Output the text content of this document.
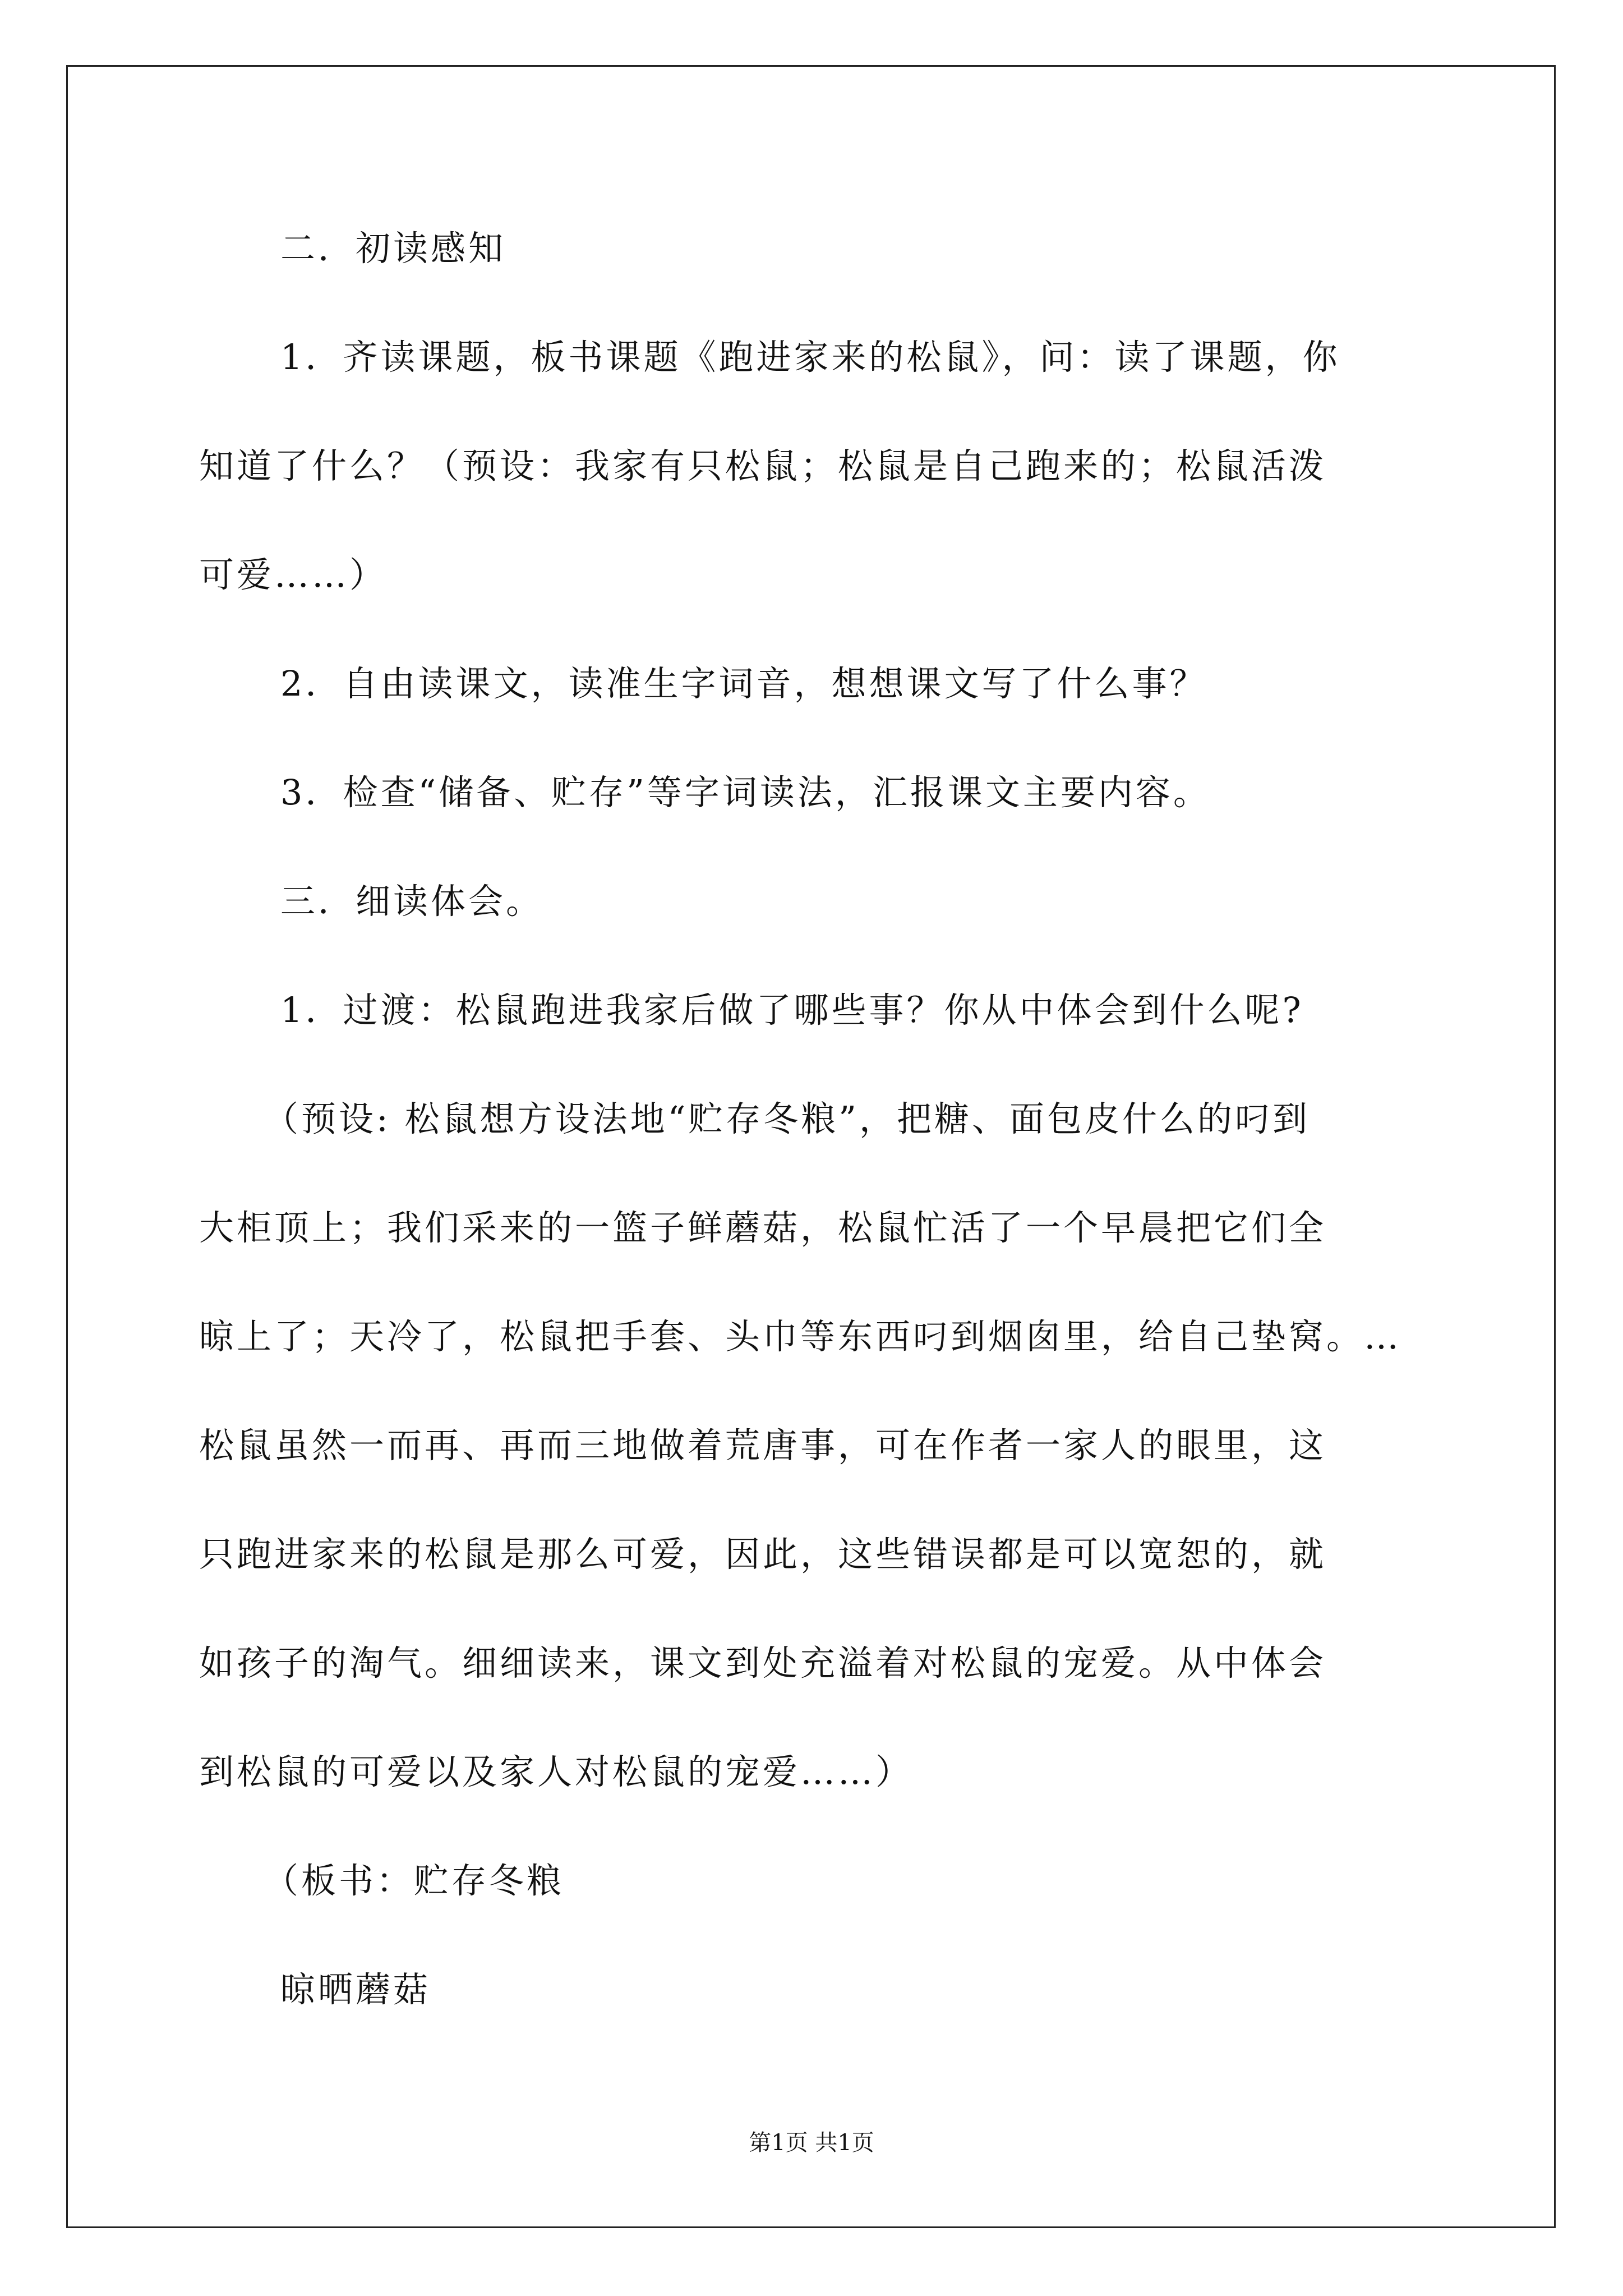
二．初读感知
1．齐读课题，板书课题《跑进家来的松鼠》，问：读了课题，你
知道了什么？（预设：我家有只松鼠；松鼠是自己跑来的；松鼠活泼
可爱……）
2．自由读课文，读准生字词音，想想课文写了什么事？
3．检查“储备、贮存”等字词读法，汇报课文主要内容。
三．细读体会。
1．过渡：松鼠跑进我家后做了哪些事？你从中体会到什么呢?
（预设: 松鼠想方设法地“贮存冬粮”，把糖、面包皮什么的叼到
大柜顶上；我们采来的一篮子鲜蘑菇，松鼠忙活了一个早晨把它们全
晾上了；天冷了，松鼠把手套、头巾等东西叼到烟囱里，给自己垫窝。…
松鼠虽然一而再、再而三地做着荒唐事，可在作者一家人的眼里，这
只跑进家来的松鼠是那么可爱，因此，这些错误都是可以宽恕的，就
如孩子的淘气。细细读来，课文到处充溢着对松鼠的宠爱。从中体会
到松鼠的可爱以及家人对松鼠的宠爱……）
（板书：贮存冬粮
晾晒蘑菇
第1页 共1页
